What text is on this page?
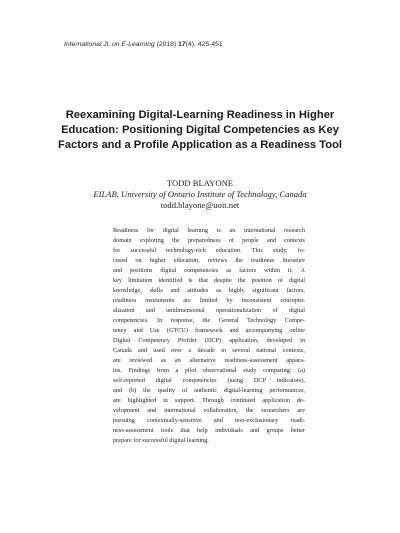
International Jl. on E-Learning (2018) 17(4), 425-451
Reexamining Digital-Learning Readiness in Higher
Education: Positioning Digital Competencies as Key
Factors and a Profile Application as a Readiness Tool
TODD BLAYONE
EILAB, University of Ontario Institute of Technology, Canada
todd.blayone@uoit.net
Readiness for digital learning is an international research
domain exploring the preparedness of people and contexts
for successful technology-rich education. This study, fo-
cused on higher education, reviews the readiness literature
and positions digital competencies as factors within it. A
key limitation identified is that despite the position of digital
knowledge, skills and attitudes as highly significant factors,
readiness instruments are limited by inconsistent conceptu-
alization and unidimensional operationalization of digital
competencies. In response, the General Technology Compe-
tency and Use (GTCU) framework and accompanying online
Digital Competency Profiler (DCP) application, developed in
Canada and used over a decade in several national contexts,
are reviewed as an alternative readiness-assessment appara-
tus. Findings from a pilot observational study comparing: (a)
self-reported digital competencies (using DCP indicators),
and (b) the quality of authentic digital-learning performances,
are highlighted in support. Through continued application de-
velopment and international collaboration, the researchers are
pursuing contextually-sensitive and non-exclusionary readi-
ness-assessment tools that help individuals and groups better
prepare for successful digital learning.
